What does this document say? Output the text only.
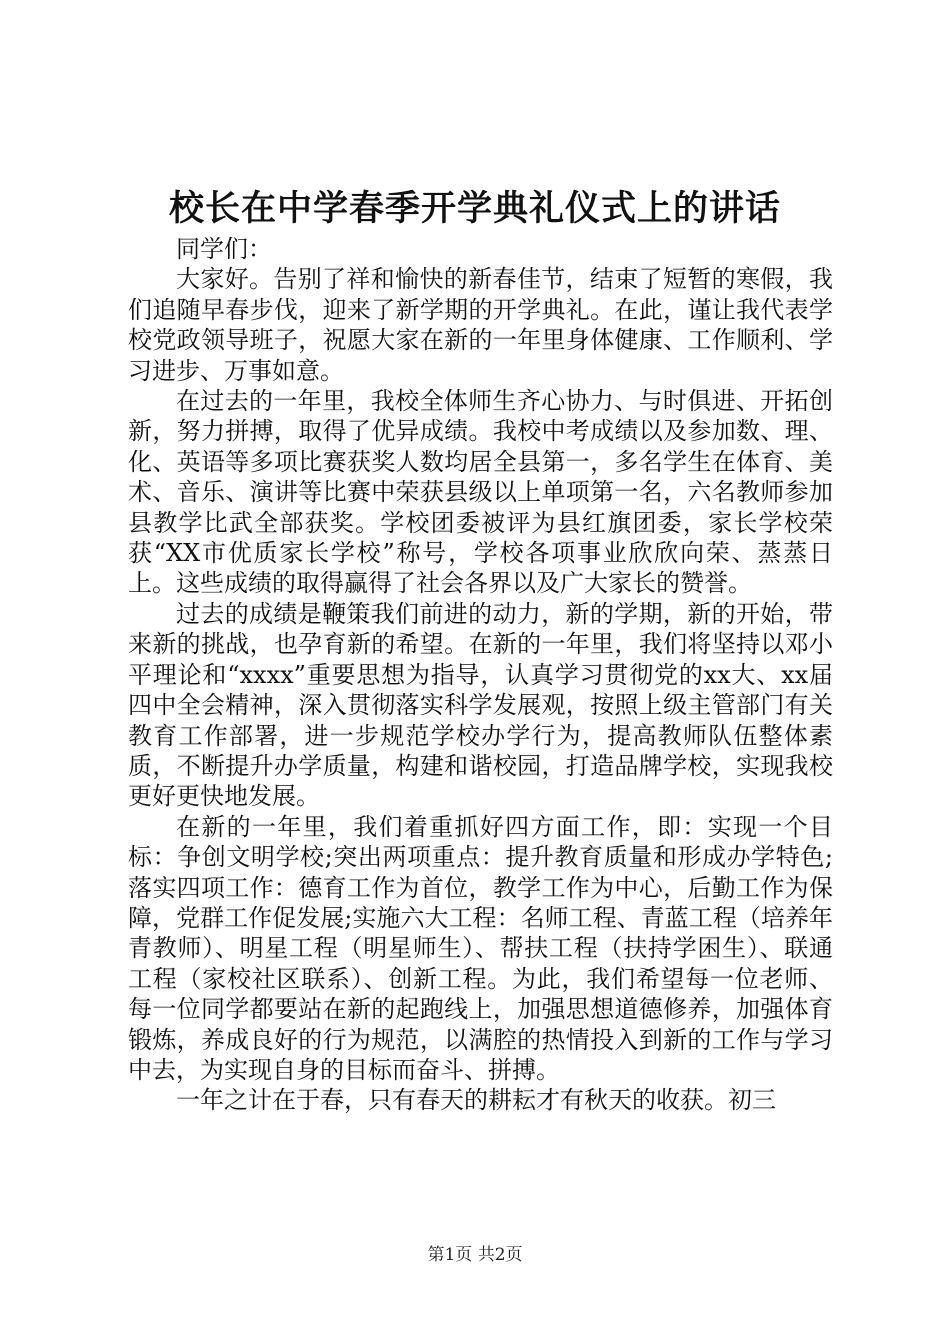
校长在中学春季开学典礼仪式上的讲话

同学们：

大家好。告别了祥和愉快的新春佳节，结束了短暂的寒假，我们追随早春步伐，迎来了新学期的开学典礼。在此，谨让我代表学校党政领导班子，祝愿大家在新的一年里身体健康、工作顺利、学习进步、万事如意。

在过去的一年里，我校全体师生齐心协力、与时俱进、开拓创新，努力拼搏，取得了优异成绩。我校中考成绩以及参加数、理、化、英语等多项比赛获奖人数均居全县第一，多名学生在体育、美术、音乐、演讲等比赛中荣获县级以上单项第一名，六名教师参加县教学比武全部获奖。学校团委被评为县红旗团委，家长学校荣获“XX市优质家长学校”称号，学校各项事业欣欣向荣、蒸蒸日上。这些成绩的取得赢得了社会各界以及广大家长的赞誉。

过去的成绩是鞭策我们前进的动力，新的学期，新的开始，带来新的挑战，也孕育新的希望。在新的一年里，我们将坚持以邓小平理论和“xxxx”重要思想为指导，认真学习贯彻党的xx大、xx届四中全会精神，深入贯彻落实科学发展观，按照上级主管部门有关教育工作部署，进一步规范学校办学行为，提高教师队伍整体素质，不断提升办学质量，构建和谐校园，打造品牌学校，实现我校更好更快地发展。

在新的一年里，我们着重抓好四方面工作，即：实现一个目标：争创文明学校;突出两项重点：提升教育质量和形成办学特色;落实四项工作：德育工作为首位，教学工作为中心，后勤工作为保障，党群工作促发展;实施六大工程：名师工程、青蓝工程（培养年青教师）、明星工程（明星师生）、帮扶工程（扶持学困生）、联通工程（家校社区联系）、创新工程。为此，我们希望每一位老师、每一位同学都要站在新的起跑线上，加强思想道德修养，加强体育锻炼，养成良好的行为规范，以满腔的热情投入到新的工作与学习中去，为实现自身的目标而奋斗、拼搏。

一年之计在于春，只有春天的耕耘才有秋天的收获。初三

第1页 共2页
